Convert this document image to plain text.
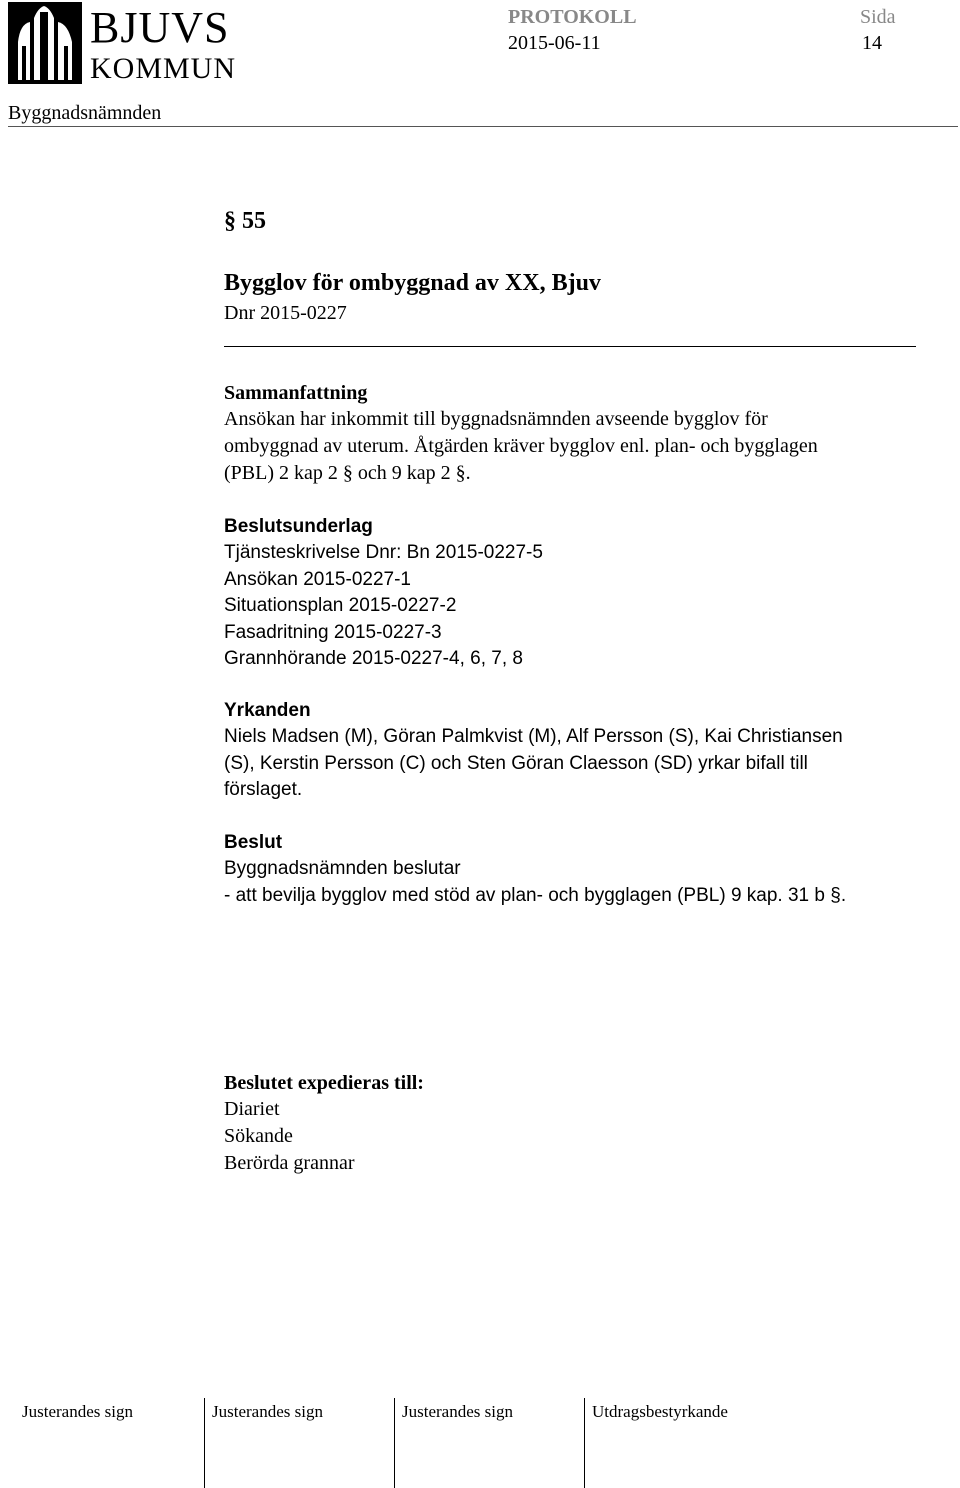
BJUVS
KOMMUN
PROTOKOLL	Sida
2015-06-11	14
Byggnadsnämnden
§ 55
Bygglov för ombyggnad av XX, Bjuv
Dnr 2015-0227
Sammanfattning
Ansökan har inkommit till byggnadsnämnden avseende bygglov för
ombyggnad av uterum. Åtgärden kräver bygglov enl. plan- och bygglagen
(PBL) 2 kap 2 § och 9 kap 2 §.
Beslutsunderlag
Tjänsteskrivelse Dnr: Bn 2015-0227-5
Ansökan 2015-0227-1
Situationsplan 2015-0227-2
Fasadritning 2015-0227-3
Grannhörande 2015-0227-4, 6, 7, 8
Yrkanden
Niels Madsen (M), Göran Palmkvist (M), Alf Persson (S), Kai Christiansen
(S), Kerstin Persson (C) och Sten Göran Claesson (SD) yrkar bifall till
förslaget.
Beslut
Byggnadsnämnden beslutar
- att bevilja bygglov med stöd av plan- och bygglagen (PBL) 9 kap. 31 b §.
Beslutet expedieras till:
Diariet
Sökande
Berörda grannar
Justerandes sign	Justerandes sign	Justerandes sign	Utdragsbestyrkande
